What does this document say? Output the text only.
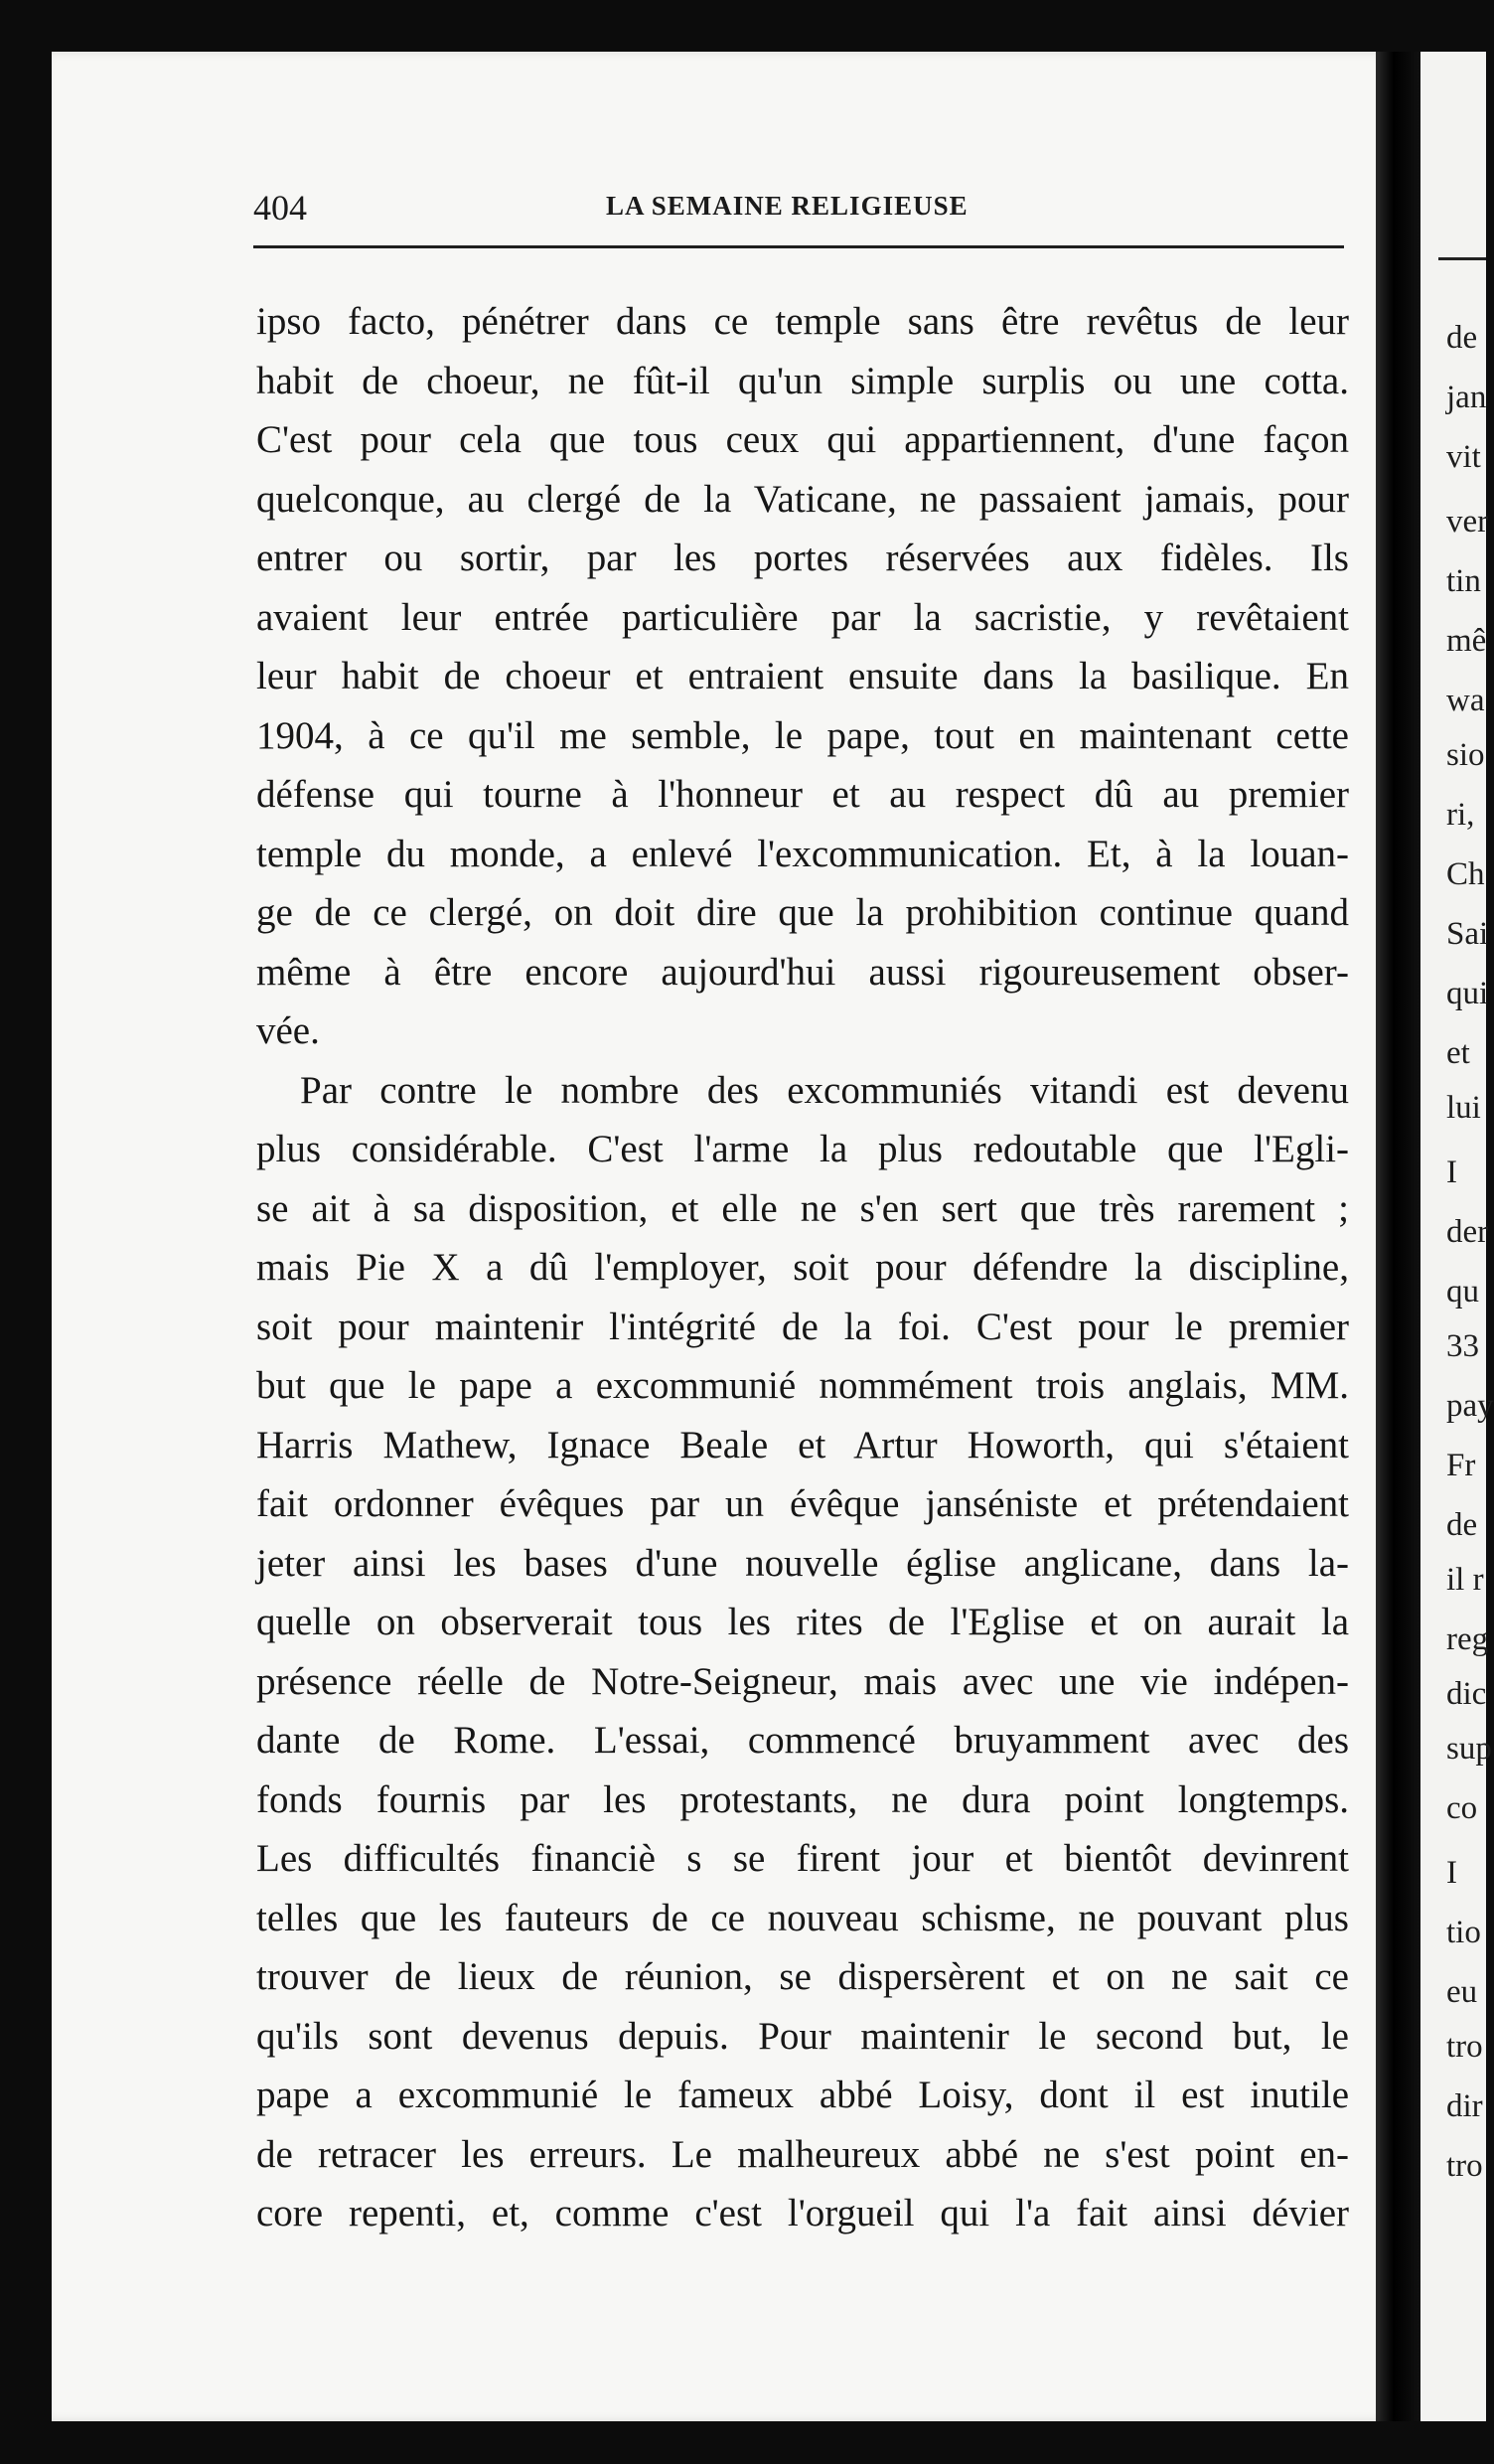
de
jan
vit
ver
tin
mê
wa
sio
ri,
Ch
Sai
qui
et
lui
I
der
qu
33
pay
Fr
de
il r
reg
dic
sup
co
I
tio
eu
tro
dir
tro
404	LA SEMAINE RELIGIEUSE
ipso facto, pénétrer dans ce temple sans être revêtus de leur
habit de choeur, ne fût-il qu'un simple surplis ou une cotta.
C'est pour cela que tous ceux qui appartiennent, d'une façon
quelconque, au clergé de la Vaticane, ne passaient jamais, pour
entrer ou sortir, par les portes réservées aux fidèles. Ils
avaient leur entrée particulière par la sacristie, y revêtaient
leur habit de choeur et entraient ensuite dans la basilique. En
1904, à ce qu'il me semble, le pape, tout en maintenant cette
défense qui tourne à l'honneur et au respect dû au premier
temple du monde, a enlevé l'excommunication. Et, à la louan-
ge de ce clergé, on doit dire que la prohibition continue quand
même à être encore aujourd'hui aussi rigoureusement obser-
vée.
Par contre le nombre des excommuniés vitandi est devenu
plus considérable. C'est l'arme la plus redoutable que l'Egli-
se ait à sa disposition, et elle ne s'en sert que très rarement ;
mais Pie X a dû l'employer, soit pour défendre la discipline,
soit pour maintenir l'intégrité de la foi. C'est pour le premier
but que le pape a excommunié nommément trois anglais, MM.
Harris Mathew, Ignace Beale et Artur Howorth, qui s'étaient
fait ordonner évêques par un évêque janséniste et prétendaient
jeter ainsi les bases d'une nouvelle église anglicane, dans la-
quelle on observerait tous les rites de l'Eglise et on aurait la
présence réelle de Notre-Seigneur, mais avec une vie indépen-
dante de Rome. L'essai, commencé bruyamment avec des
fonds fournis par les protestants, ne dura point longtemps.
Les difficultés financiè s se firent jour et bientôt devinrent
telles que les fauteurs de ce nouveau schisme, ne pouvant plus
trouver de lieux de réunion, se dispersèrent et on ne sait ce
qu'ils sont devenus depuis. Pour maintenir le second but, le
pape a excommunié le fameux abbé Loisy, dont il est inutile
de retracer les erreurs. Le malheureux abbé ne s'est point en-
core repenti, et, comme c'est l'orgueil qui l'a fait ainsi dévier
